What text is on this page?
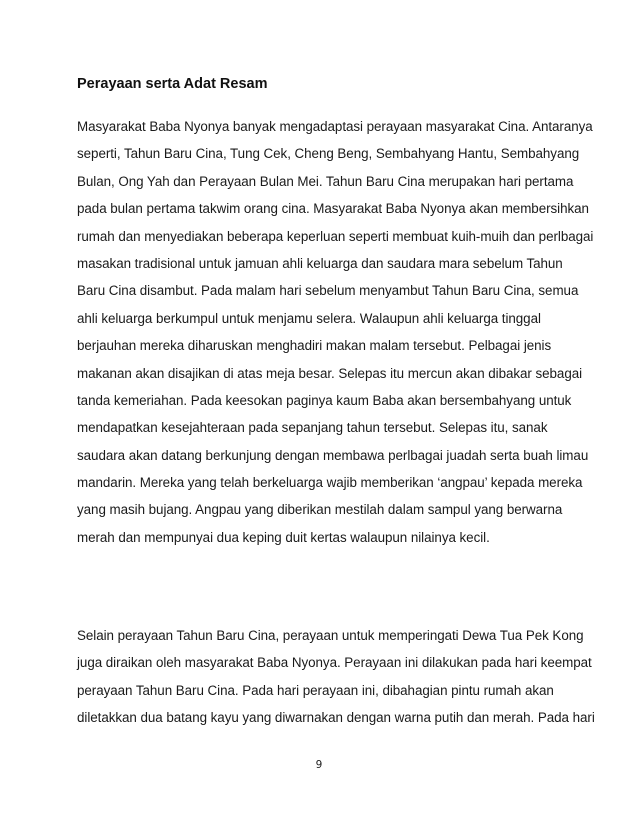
Perayaan serta Adat Resam

Masyarakat Baba Nyonya banyak mengadaptasi perayaan masyarakat Cina. Antaranya
seperti, Tahun Baru Cina, Tung Cek, Cheng Beng, Sembahyang Hantu, Sembahyang
Bulan, Ong Yah dan Perayaan Bulan Mei. Tahun Baru Cina merupakan hari pertama
pada bulan pertama takwim orang cina. Masyarakat Baba Nyonya akan membersihkan
rumah dan menyediakan beberapa keperluan seperti membuat kuih-muih dan perlbagai
masakan tradisional untuk jamuan ahli keluarga dan saudara mara sebelum Tahun
Baru Cina disambut. Pada malam hari sebelum menyambut Tahun Baru Cina, semua
ahli keluarga berkumpul untuk menjamu selera. Walaupun ahli keluarga tinggal
berjauhan mereka diharuskan menghadiri makan malam tersebut. Pelbagai jenis
makanan akan disajikan di atas meja besar. Selepas itu mercun akan dibakar sebagai
tanda kemeriahan. Pada keesokan paginya kaum Baba akan bersembahyang untuk
mendapatkan kesejahteraan pada sepanjang tahun tersebut. Selepas itu, sanak
saudara akan datang berkunjung dengan membawa perlbagai juadah serta buah limau
mandarin. Mereka yang telah berkeluarga wajib memberikan ‘angpau’ kepada mereka
yang masih bujang. Angpau yang diberikan mestilah dalam sampul yang berwarna
merah dan mempunyai dua keping duit kertas walaupun nilainya kecil.

Selain perayaan Tahun Baru Cina, perayaan untuk memperingati Dewa Tua Pek Kong
juga diraikan oleh masyarakat Baba Nyonya. Perayaan ini dilakukan pada hari keempat
perayaan Tahun Baru Cina. Pada hari perayaan ini, dibahagian pintu rumah akan
diletakkan dua batang kayu yang diwarnakan dengan warna putih dan merah. Pada hari

9
